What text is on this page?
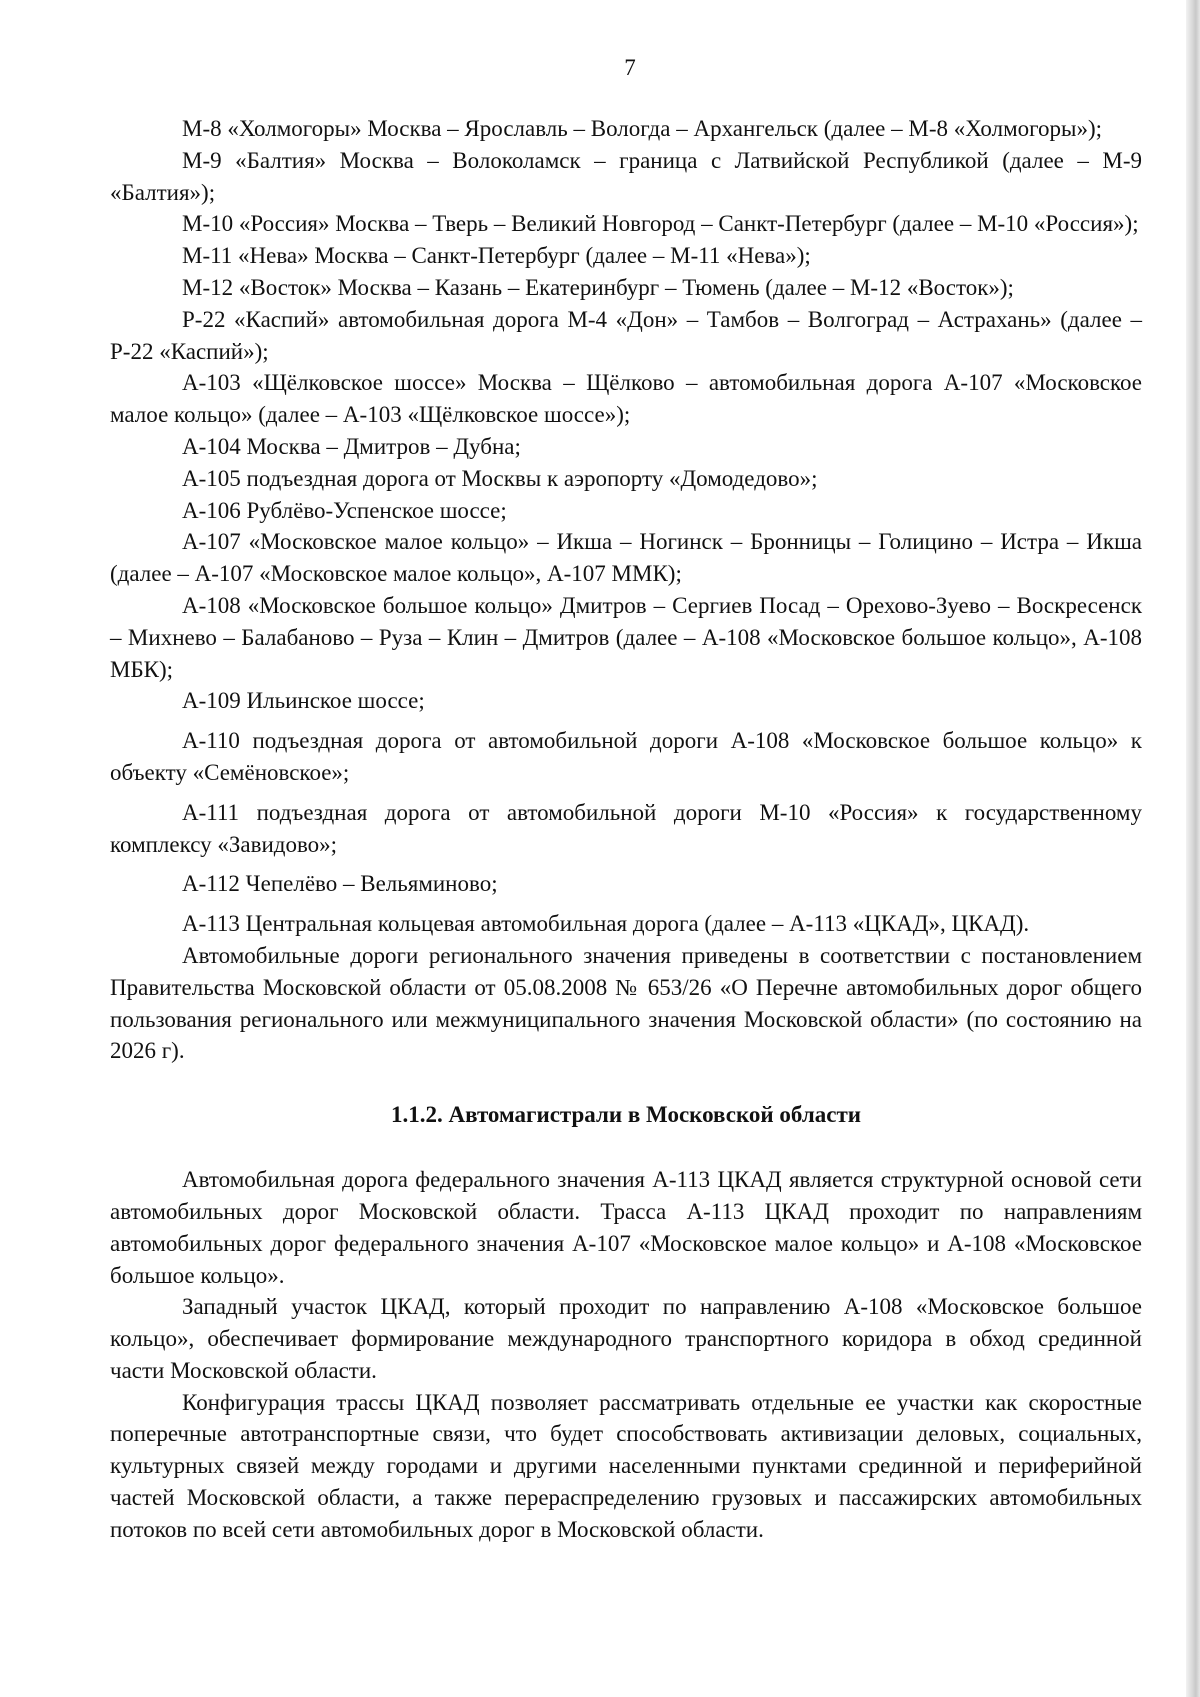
7

М-8 «Холмогоры» Москва – Ярославль – Вологда – Архангельск (далее – М-8 «Холмогоры»);

М-9 «Балтия» Москва – Волоколамск – граница с Латвийской Республикой (далее – М-9 «Балтия»);

М-10 «Россия» Москва – Тверь – Великий Новгород – Санкт-Петербург (далее – М-10 «Россия»);

М-11 «Нева» Москва – Санкт-Петербург (далее – М-11 «Нева»);

М-12 «Восток» Москва – Казань – Екатеринбург – Тюмень (далее – М-12 «Восток»);

Р-22 «Каспий» автомобильная дорога М-4 «Дон» – Тамбов – Волгоград – Астрахань» (далее – Р-22 «Каспий»);

А-103 «Щёлковское шоссе» Москва – Щёлково – автомобильная дорога А-107 «Московское малое кольцо» (далее – А-103 «Щёлковское шоссе»);

А-104 Москва – Дмитров – Дубна;

А-105 подъездная дорога от Москвы к аэропорту «Домодедово»;

А-106 Рублёво-Успенское шоссе;

А-107 «Московское малое кольцо» – Икша – Ногинск – Бронницы – Голицино – Истра – Икша (далее – А-107 «Московское малое кольцо», А-107 ММК);

А-108 «Московское большое кольцо» Дмитров – Сергиев Посад – Орехово-Зуево – Воскресенск – Михнево – Балабаново – Руза – Клин – Дмитров (далее – А-108 «Московское большое кольцо», А-108 МБК);

А-109 Ильинское шоссе;

А-110 подъездная дорога от автомобильной дороги А-108 «Московское большое кольцо» к объекту «Семёновское»;

А-111 подъездная дорога от автомобильной дороги М-10 «Россия» к государственному комплексу «Завидово»;

А-112 Чепелёво – Вельяминово;

А-113 Центральная кольцевая автомобильная дорога (далее – А-113 «ЦКАД», ЦКАД).

Автомобильные дороги регионального значения приведены в соответствии с постановлением Правительства Московской области от 05.08.2008 № 653/26 «О Перечне автомобильных дорог общего пользования регионального или межмуниципального значения Московской области» (по состоянию на 2026 г).

1.1.2. Автомагистрали в Московской области

Автомобильная дорога федерального значения А-113 ЦКАД является структурной основой сети автомобильных дорог Московской области. Трасса А-113 ЦКАД проходит по направлениям автомобильных дорог федерального значения А-107 «Московское малое кольцо» и А-108 «Московское большое кольцо».

Западный участок ЦКАД, который проходит по направлению А-108 «Московское большое кольцо», обеспечивает формирование международного транспортного коридора в обход срединной части Московской области.

Конфигурация трассы ЦКАД позволяет рассматривать отдельные ее участки как скоростные поперечные автотранспортные связи, что будет способствовать активизации деловых, социальных, культурных связей между городами и другими населенными пунктами срединной и периферийной частей Московской области, а также перераспределению грузовых и пассажирских автомобильных потоков по всей сети автомобильных дорог в Московской области.
